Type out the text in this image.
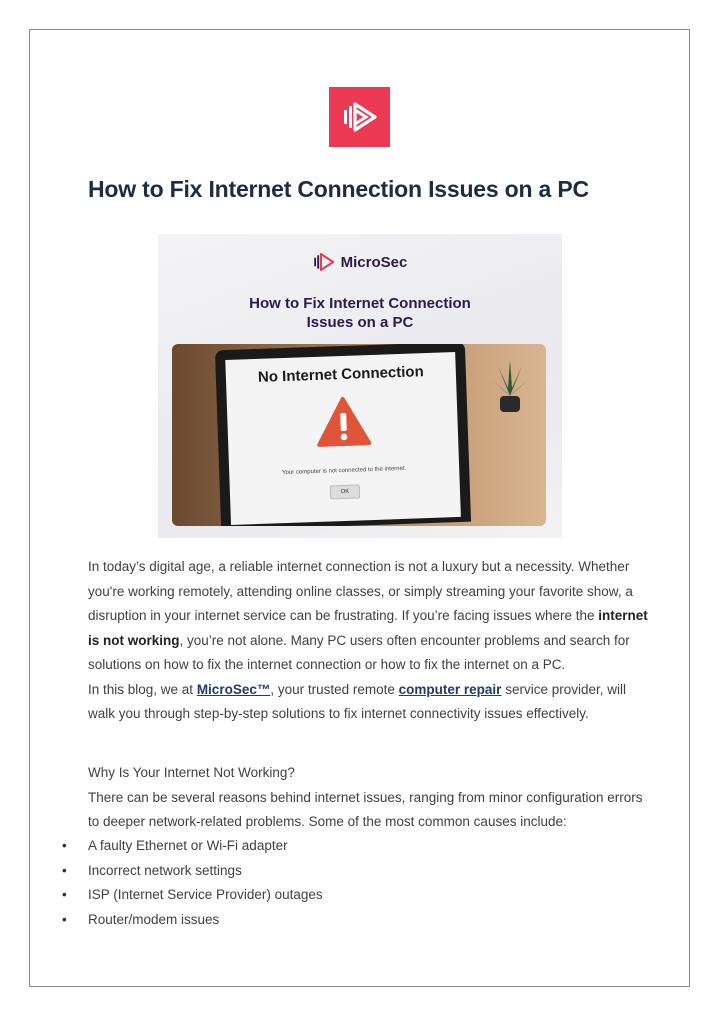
How to Fix Internet Connection Issues on a PC
MicroSec
How to Fix Internet Connection
Issues on a PC
No Internet Connection
Your computer is not connected to the internet.
OK

In today’s digital age, a reliable internet connection is not a luxury but a necessity. Whether you're working remotely, attending online classes, or simply streaming your favorite show, a disruption in your internet service can be frustrating. If you’re facing issues where the internet is not working, you’re not alone. Many PC users often encounter problems and search for solutions on how to fix the internet connection or how to fix the internet on a PC.

In this blog, we at MicroSec™, your trusted remote computer repair service provider, will walk you through step-by-step solutions to fix internet connectivity issues effectively.

Why Is Your Internet Not Working?

There can be several reasons behind internet issues, ranging from minor configuration errors to deeper network-related problems. Some of the most common causes include:

• A faulty Ethernet or Wi-Fi adapter
• Incorrect network settings
• ISP (Internet Service Provider) outages
• Router/modem issues
